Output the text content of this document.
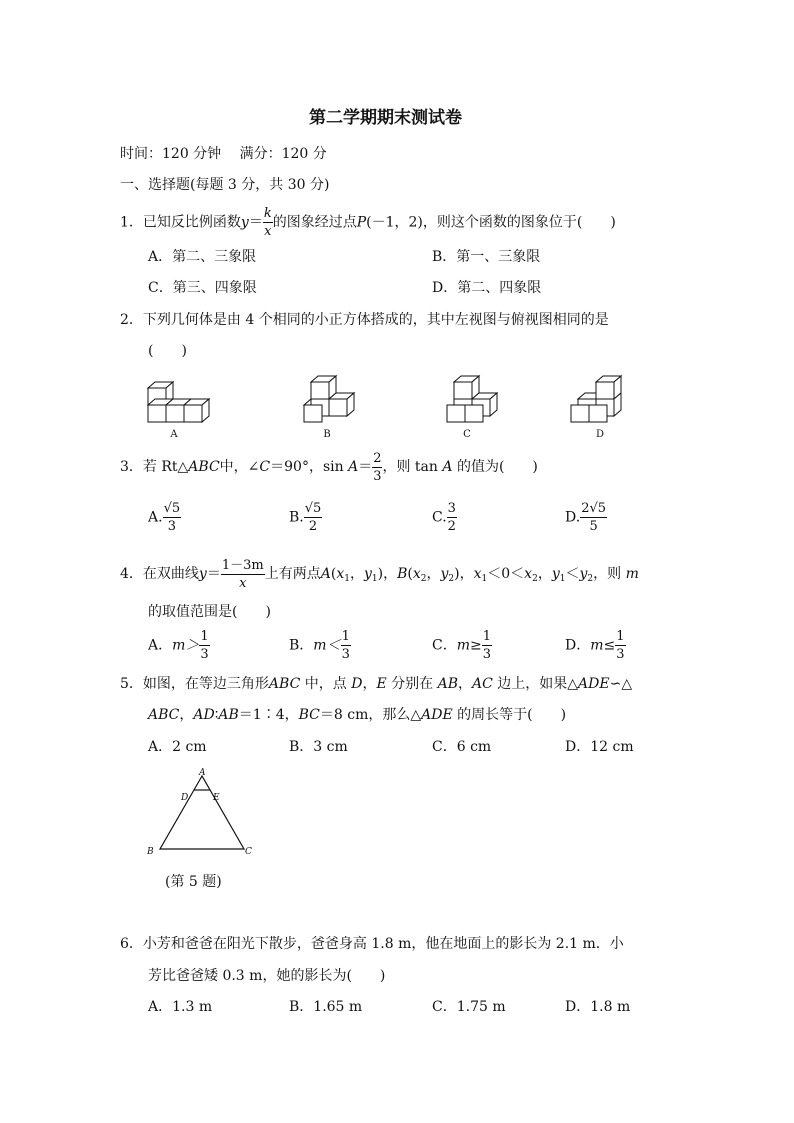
第二学期期末测试卷
时间：120 分钟　 满分：120 分
一、选择题(每题 3 分，共 30 分)
1．已知反比例函数$y= \frac{k}{x}$ 的图象经过点P(－1，2)，则这个函数的图象位于(　　)
A．第二、三象限	B．第一、三象限
C．第三、四象限	D．第二、四象限
2．下列几何体是由 4 个相同的小正方体搭成的，其中左视图与俯视图相同的是
(　　)
A	B	C	D
3．若 Rt△ABC中，∠C＝90°，$\sin A= \frac{2}{3}$ ，则 tan A 的值为(　　)
A. $\frac{√5}{3}$	B. $\frac{√5}{2}$	C. $\frac{3}{2}$	D. $\frac{2√5}{5}$
4．在双曲线$y= \frac{1-3m}{x}$ 上有两点$A(x_1$，$y_1$)，$B(x_2$，$y_2$)，$x_1<0<x_2$，$y_1<y_2$，则 m
的取值范围是(　　)
A．$m> \frac{1}{3}$	B．$m< \frac{1}{3}$	C．$m\ge \frac{1}{3}$	D．$m\le \frac{1}{3}$
5．如图，在等边三角形ABC 中，点 D，E 分别在 AB，AC 边上，如果△ADE∽△
ABC，AD∶AB＝1∶4，BC＝8 cm，那么△ADE 的周长等于(　　)
A．2 cm	B．3 cm	C．6 cm	D．12 cm
A
D	E
B	C
(第 5 题)
6．小芳和爸爸在阳光下散步，爸爸身高 1.8 m，他在地面上的影长为 2.1 m．小
芳比爸爸矮 0.3 m，她的影长为(　　)
A．1.3 m	B．1.65 m	C．1.75 m	D．1.8 m
